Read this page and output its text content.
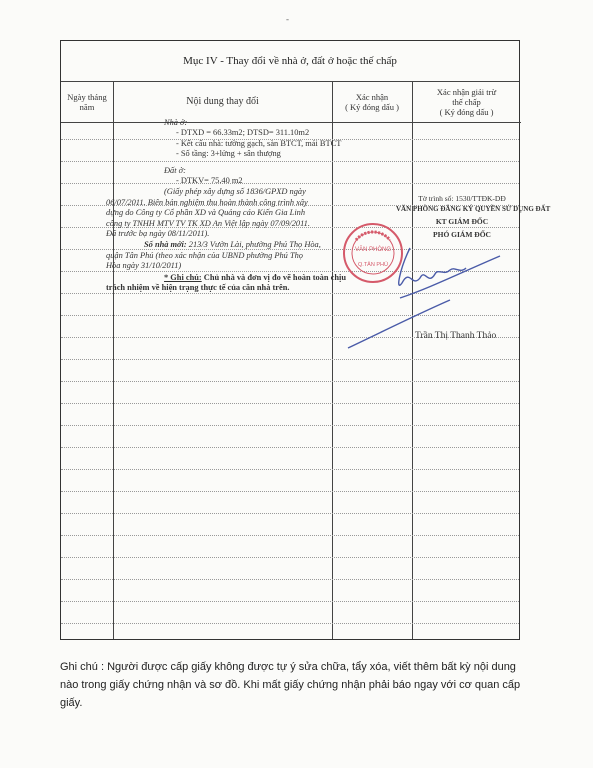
-
Mục IV - Thay đổi về nhà ở, đất ở hoặc thế chấp
Ngày tháng
năm	Nội dung thay đổi	Xác nhận
( Ký đóng dấu )
Xác nhận giải trừ
thế chấp
( Ký đóng dấu )
Nhà ở:
- DTXD = 66.33m2; DTSD= 311.10m2
- Kết cấu nhà: tường gạch, sàn BTCT, mái BTCT
- Số tầng: 3+lửng + sân thượng
Đất ở:
- DTKV= 75.40 m2
(Giấy phép xây dựng số 1836/GPXD ngày
06/07/2011. Biên bản nghiệm thu hoàn thành công trình xây
dựng do Công ty Cổ phần XD và Quảng cáo Kiến Gia Linh
công ty TNHH MTV TV TK XD An Việt lập ngày 07/09/2011.
Đã trước bạ ngày 08/11/2011).
Số nhà mới: 213/3 Vườn Lài, phường Phú Thọ Hòa,
quận Tân Phú (theo xác nhận của UBND phường Phú Thọ
Hòa ngày 31/10/2011)
* Ghi chú: Chủ nhà và đơn vị đo vẽ hoàn toàn chịu
trách nhiệm về hiện trạng thực tế của căn nhà trên.
Tờ trình số: 1530/TTĐK-DĐ
VĂN PHÒNG ĐĂNG KÝ QUYỀN SỬ DỤNG ĐẤT
KT GIÁM ĐỐC
PHÓ GIÁM ĐỐC
VĂN PHÒNG
Q.TÂN PHÚ
Trần Thị Thanh Thảo
Ghi chú : Người được cấp giấy không được tự ý sửa chữa, tẩy xóa, viết thêm bất kỳ nội dung nào trong giấy chứng nhận và sơ đồ. Khi mất giấy chứng nhận phải báo ngay với cơ quan cấp giấy.
